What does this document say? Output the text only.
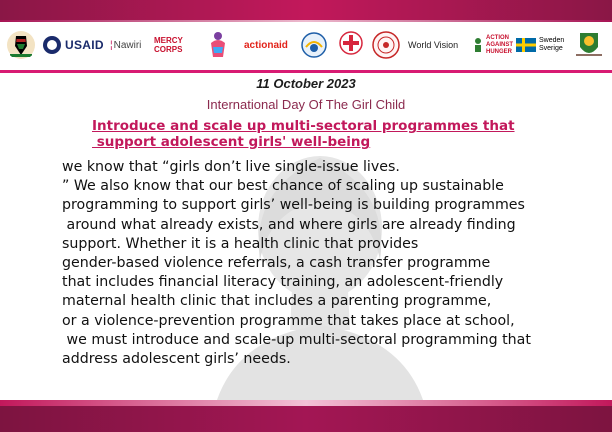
USAID ¦ Nawiri MERCY
CORPS	actionaid	World Vision
ACTION
AGAINST
HUNGER
Sweden
Sverige
11 October 2023
International Day Of The Girl Child
Introduce and scale up multi-sectoral programmes that
support adolescent girls' well-being
we know that “girls don’t live single-issue lives.
” We also know that our best chance of scaling up sustainable
programming to support girls’ well-being is building programmes
around what already exists, and where girls are already finding
support. Whether it is a health clinic that provides
gender-based violence referrals, a cash transfer programme
that includes financial literacy training, an adolescent-friendly
maternal health clinic that includes a parenting programme,
or a violence-prevention programme that takes place at school,
we must introduce and scale-up multi-sectoral programming that
address adolescent girls’ needs.
